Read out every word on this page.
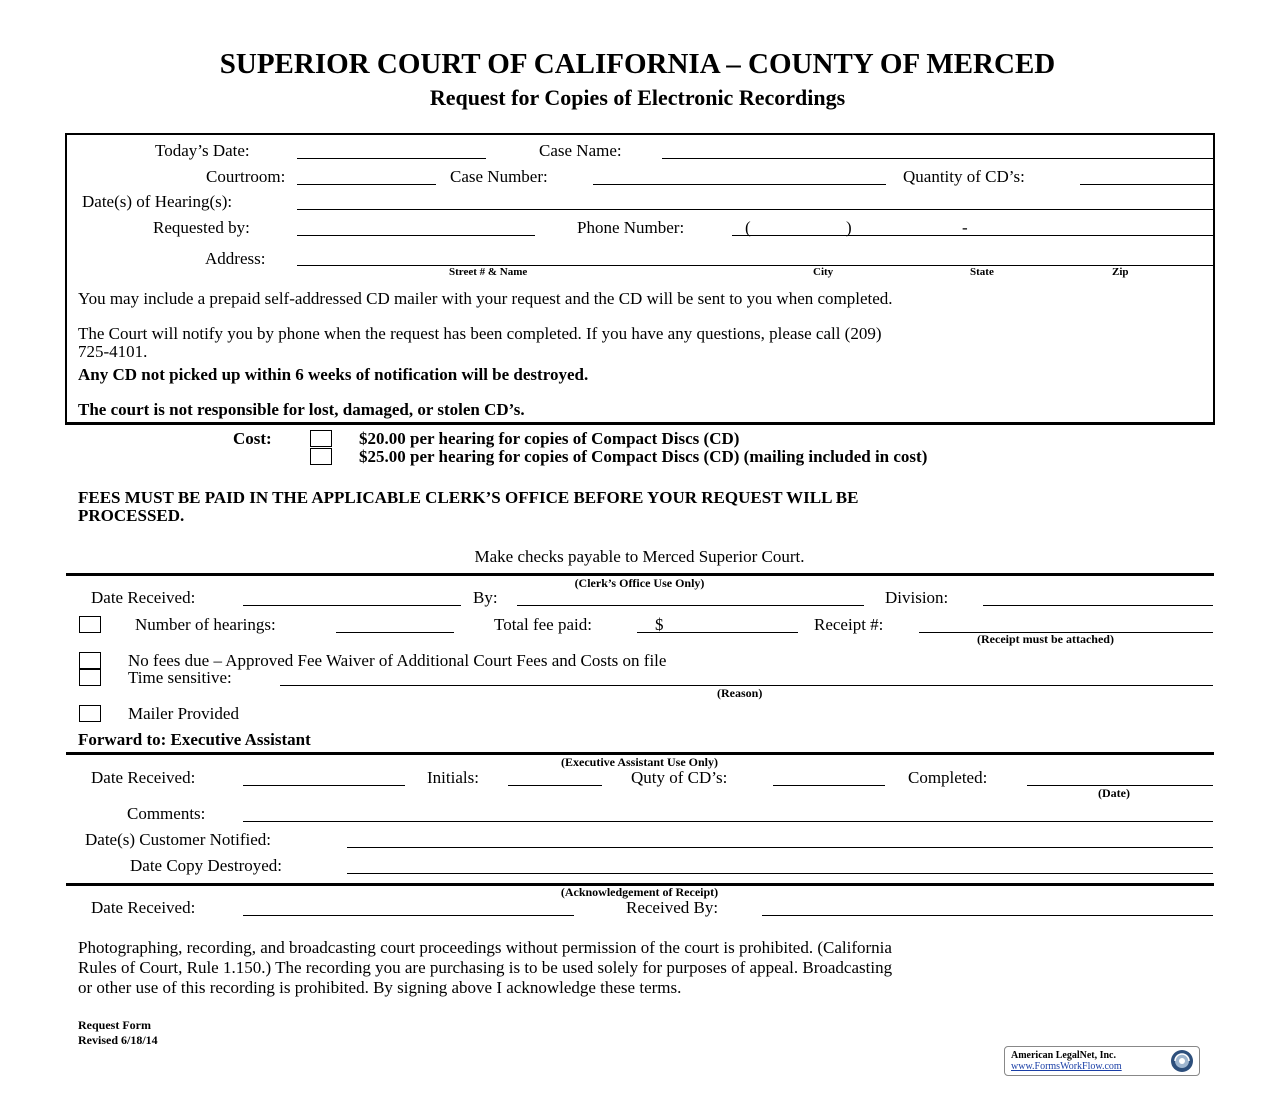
SUPERIOR COURT OF CALIFORNIA – COUNTY OF MERCED
Request for Copies of Electronic Recordings
Today’s Date:	Case Name:
Courtroom:	Case Number:	Quantity of CD’s:
Date(s) of Hearing(s):
Requested by:	Phone Number:	(	)	-
Address:
Street # & Name	City	State	Zip
You may include a prepaid self-addressed CD mailer with your request and the CD will be sent to you when completed.
The Court will notify you by phone when the request has been completed. If you have any questions, please call (209)
725-4101.
Any CD not picked up within 6 weeks of notification will be destroyed.
The court is not responsible for lost, damaged, or stolen CD’s.
Cost:	$20.00 per hearing for copies of Compact Discs (CD)
$25.00 per hearing for copies of Compact Discs (CD) (mailing included in cost)
FEES MUST BE PAID IN THE APPLICABLE CLERK’S OFFICE BEFORE YOUR REQUEST WILL BE
PROCESSED.
Make checks payable to Merced Superior Court.
(Clerk’s Office Use Only)
Date Received:	By:	Division:
Number of hearings:	Total fee paid:	$	Receipt #:
(Receipt must be attached)
No fees due – Approved Fee Waiver of Additional Court Fees and Costs on file
Time sensitive:
(Reason)
Mailer Provided
Forward to: Executive Assistant
(Executive Assistant Use Only)
Date Received:	Initials:	Quty of CD’s:	Completed:
(Date)
Comments:
Date(s) Customer Notified:
Date Copy Destroyed:
(Acknowledgement of Receipt)
Date Received:	Received By:
Photographing, recording, and broadcasting court proceedings without permission of the court is prohibited. (California
Rules of Court, Rule 1.150.) The recording you are purchasing is to be used solely for purposes of appeal. Broadcasting
or other use of this recording is prohibited. By signing above I acknowledge these terms.
Request Form
Revised 6/18/14
American LegalNet, Inc.
www.FormsWorkFlow.com
